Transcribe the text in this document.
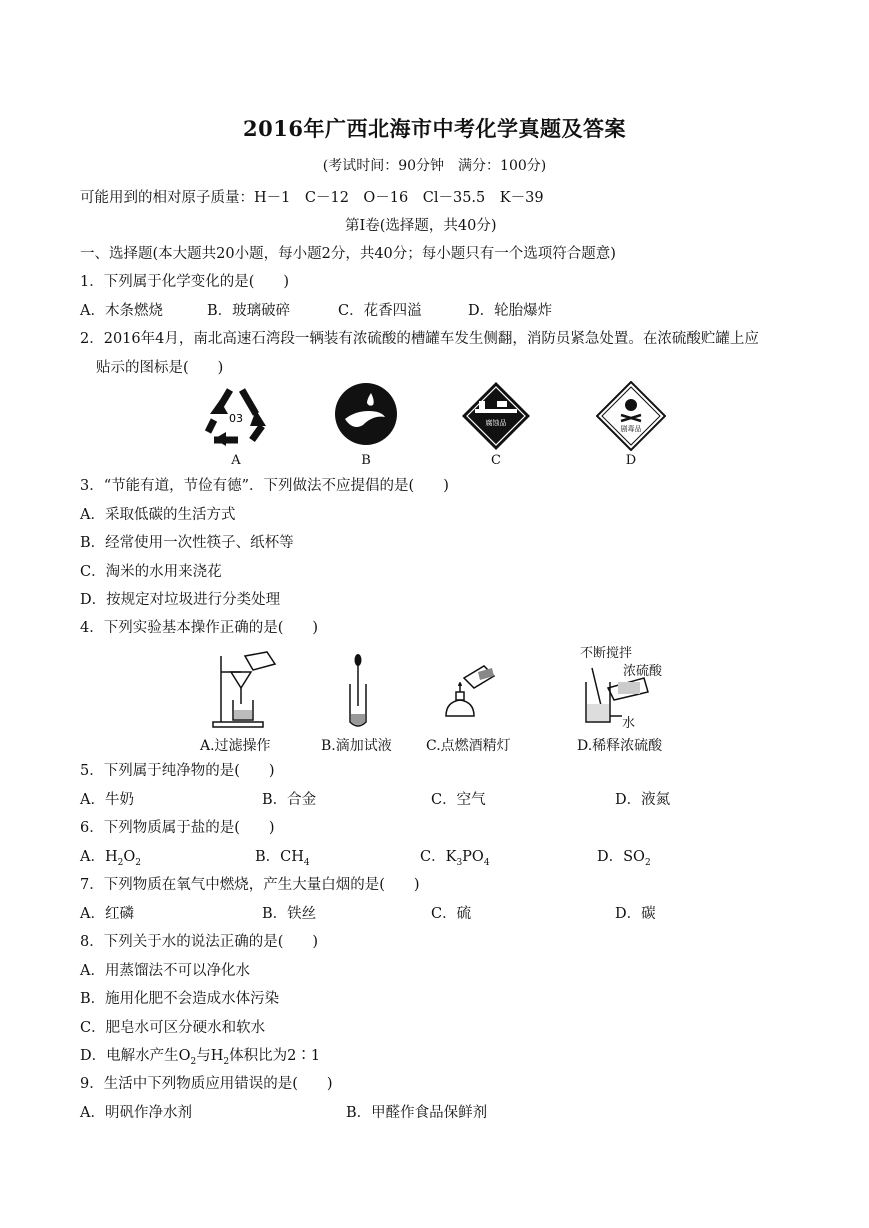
2016年广西北海市中考化学真题及答案
(考试时间：90分钟　满分：100分)
可能用到的相对原子质量：H－1　C－12　O－16　Cl－35.5　K－39
第Ⅰ卷(选择题，共40分)
一、选择题(本大题共20小题，每小题2分，共40分；每小题只有一个选项符合题意)
1．下列属于化学变化的是(　　)
A．木条燃烧	B．玻璃破碎	C．花香四溢	D．轮胎爆炸
2．2016年4月，南北高速石湾段一辆装有浓硫酸的槽罐车发生侧翻，消防员紧急处置。在浓硫酸贮罐上应
贴示的图标是(　　)
03	腐蚀品
剧毒品
A	B	C	D
3．“节能有道，节俭有德”．下列做法不应提倡的是(　　)
A．采取低碳的生活方式
B．经常使用一次性筷子、纸杯等
C．淘米的水用来浇花
D．按规定对垃圾进行分类处理
4．下列实验基本操作正确的是(　　)
不断搅拌
浓硫酸
水
A.过滤操作	B.滴加试液 C.点燃酒精灯	D.稀释浓硫酸
5．下列属于纯净物的是(　　)
A．牛奶	B．合金	C．空气	D．液氮
6．下列物质属于盐的是(　　)
A．$H_2O_2$	B．$CH_4$	C．$K_3PO_4$	D．$SO_2$
7．下列物质在氧气中燃烧，产生大量白烟的是(　　)
A．红磷	B．铁丝	C．硫	D．碳
8．下列关于水的说法正确的是(　　)
A．用蒸馏法不可以净化水
B．施用化肥不会造成水体污染
C．肥皂水可区分硬水和软水
D．电解水产生$O_2$与$H_2$体积比为2∶1
9．生活中下列物质应用错误的是(　　)
A．明矾作净水剂	B．甲醛作食品保鲜剂
